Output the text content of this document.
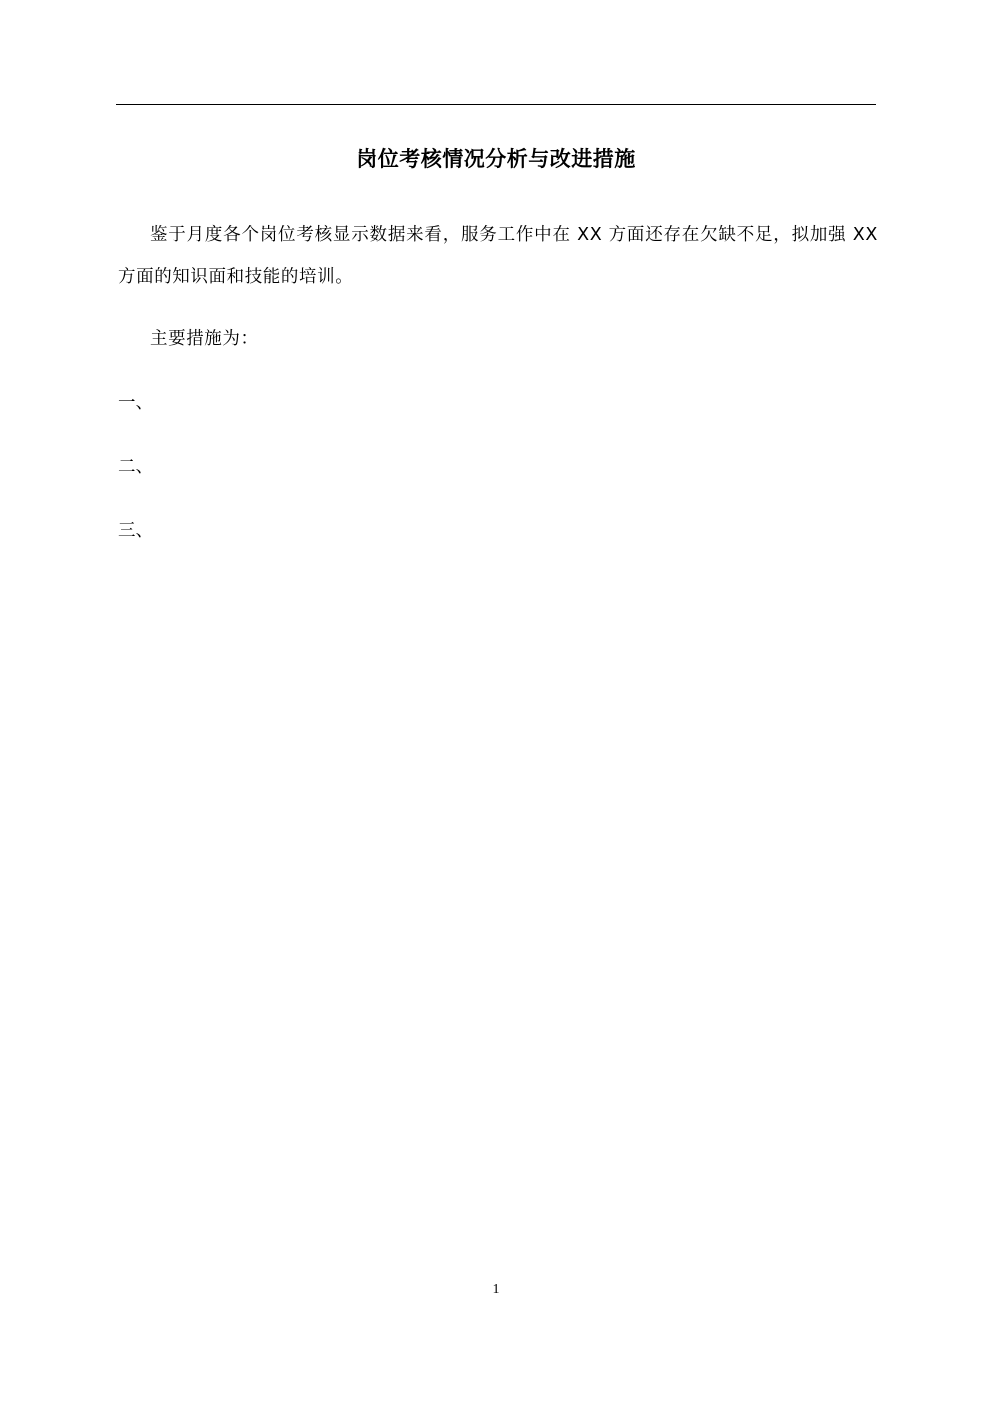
岗位考核情况分析与改进措施
鉴于月度各个岗位考核显示数据来看，服务工作中在 XX 方面还存在欠缺不足，拟加强 XX 方面的知识面和技能的培训。
主要措施为：
一、
二、
三、
1
